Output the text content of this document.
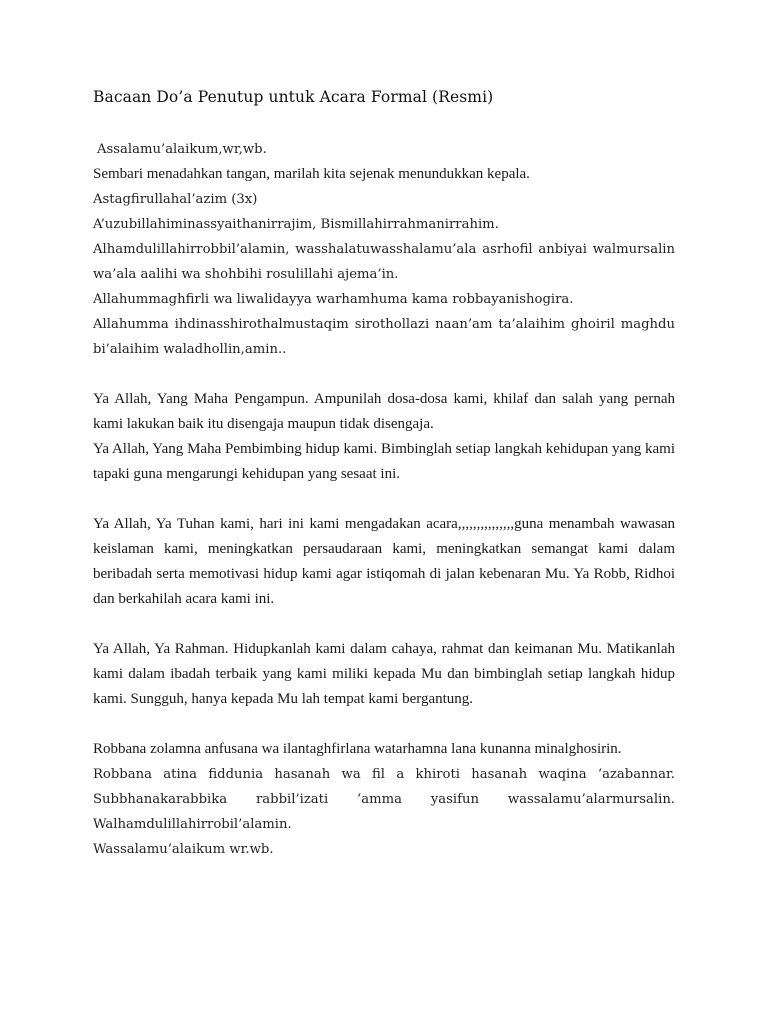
Bacaan Do’a Penutup untuk Acara Formal (Resmi)

Assalamu’alaikum,wr,wb.

Sembari menadahkan tangan, marilah kita sejenak menundukkan kepala.

Astagfirullahal’azim (3x)

A’uzubillahiminassyaithanirrajim, Bismillahirrahmanirrahim.

Alhamdulillahirrobbil’alamin, wasshalatuwasshalamu’ala asrhofil anbiyai walmursalin wa’ala aalihi wa shohbihi rosulillahi ajema’in.

Allahummaghfirli wa liwalidayya warhamhuma kama robbayanishogira.

Allahumma ihdinasshirothalmustaqim sirothollazi naan’am ta’alaihim ghoiril maghdu bi’alaihim waladhollin,amin..

Ya Allah, Yang Maha Pengampun. Ampunilah dosa-dosa kami, khilaf dan salah yang pernah kami lakukan baik itu disengaja maupun tidak disengaja.

Ya Allah, Yang Maha Pembimbing hidup kami. Bimbinglah setiap langkah kehidupan yang kami tapaki guna mengarungi kehidupan yang sesaat ini.

Ya Allah, Ya Tuhan kami, hari ini kami mengadakan acara,,,,,,,,,,,,,,,guna menambah wawasan keislaman kami, meningkatkan persaudaraan kami, meningkatkan semangat kami dalam beribadah serta memotivasi hidup kami agar istiqomah di jalan kebenaran Mu. Ya Robb, Ridhoi dan berkahilah acara kami ini.

Ya Allah, Ya Rahman. Hidupkanlah kami dalam cahaya, rahmat dan keimanan Mu. Matikanlah kami dalam ibadah terbaik yang kami miliki kepada Mu dan bimbinglah setiap langkah hidup kami. Sungguh, hanya kepada Mu lah tempat kami bergantung.

Robbana zolamna anfusana wa ilantaghfirlana watarhamna lana kunanna minalghosirin.

Robbana atina fiddunia hasanah wa fil a khiroti hasanah waqina ‘azabannar.

Subbhanakarabbika rabbil’izati ‘amma yasifun wassalamu’alarmursalin.

Walhamdulillahirrobil’alamin.

Wassalamu’alaikum wr.wb.
